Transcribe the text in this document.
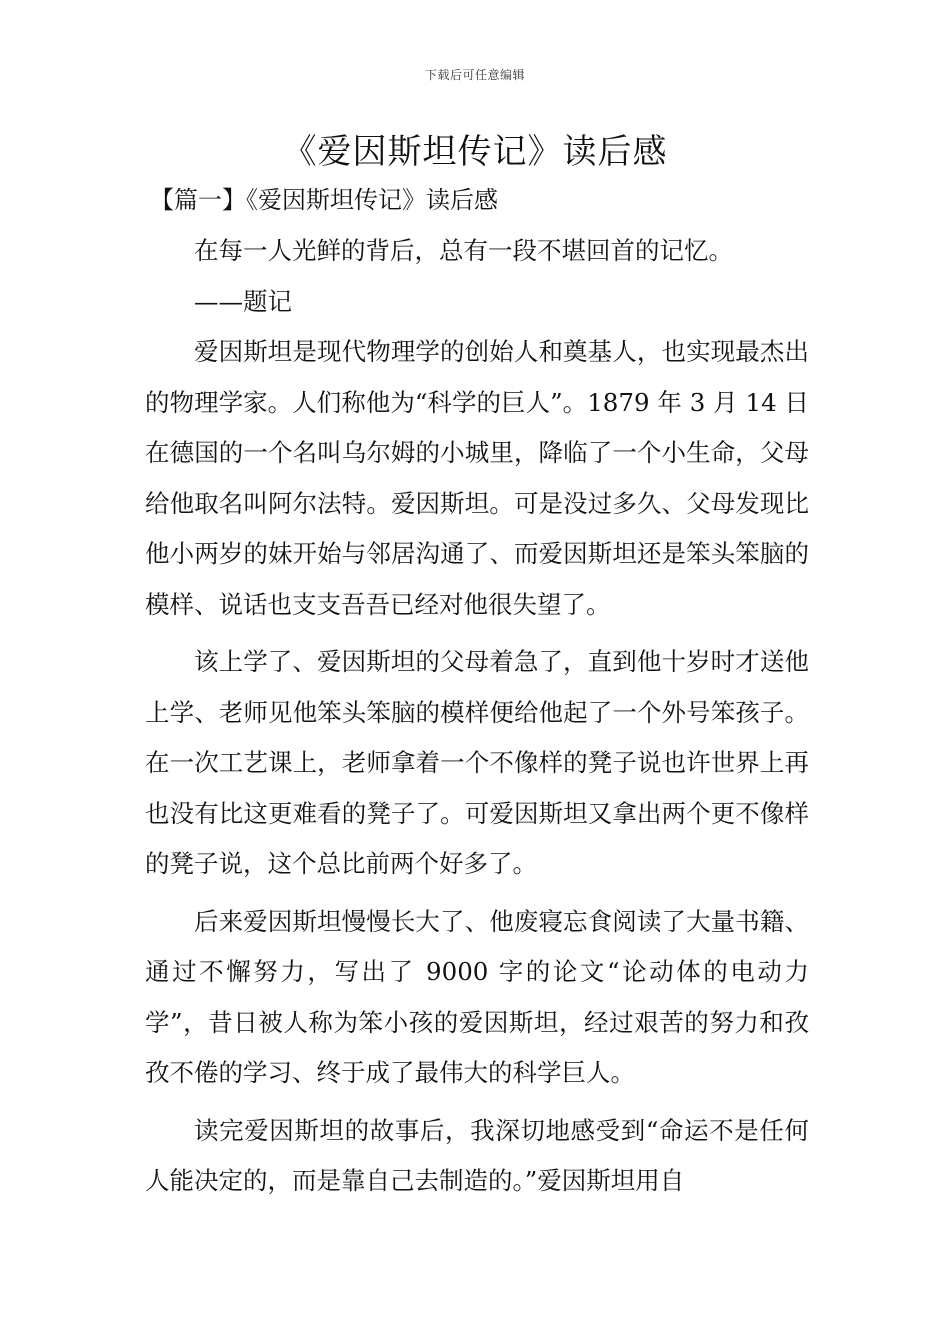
下载后可任意编辑
《爱因斯坦传记》读后感
【篇一】《爱因斯坦传记》读后感

在每一人光鲜的背后，总有一段不堪回首的记忆。

——题记

爱因斯坦是现代物理学的创始人和奠基人，也实现最杰出的物理学家。人们称他为“科学的巨人”。1879 年 3 月 14 日在德国的一个名叫乌尔姆的小城里，降临了一个小生命，父母给他取名叫阿尔法特。爱因斯坦。可是没过多久、父母发现比他小两岁的妹开始与邻居沟通了、而爱因斯坦还是笨头笨脑的模样、说话也支支吾吾已经对他很失望了。

该上学了、爱因斯坦的父母着急了，直到他十岁时才送他上学、老师见他笨头笨脑的模样便给他起了一个外号笨孩子。在一次工艺课上，老师拿着一个不像样的凳子说也许世界上再也没有比这更难看的凳子了。可爱因斯坦又拿出两个更不像样的凳子说，这个总比前两个好多了。

后来爱因斯坦慢慢长大了、他废寝忘食阅读了大量书籍、通过不懈努力，写出了 9000 字的论文“论动体的电动力学”，昔日被人称为笨小孩的爱因斯坦，经过艰苦的努力和孜孜不倦的学习、终于成了最伟大的科学巨人。

读完爱因斯坦的故事后，我深切地感受到“命运不是任何人能决定的，而是靠自己去制造的。”爱因斯坦用自
